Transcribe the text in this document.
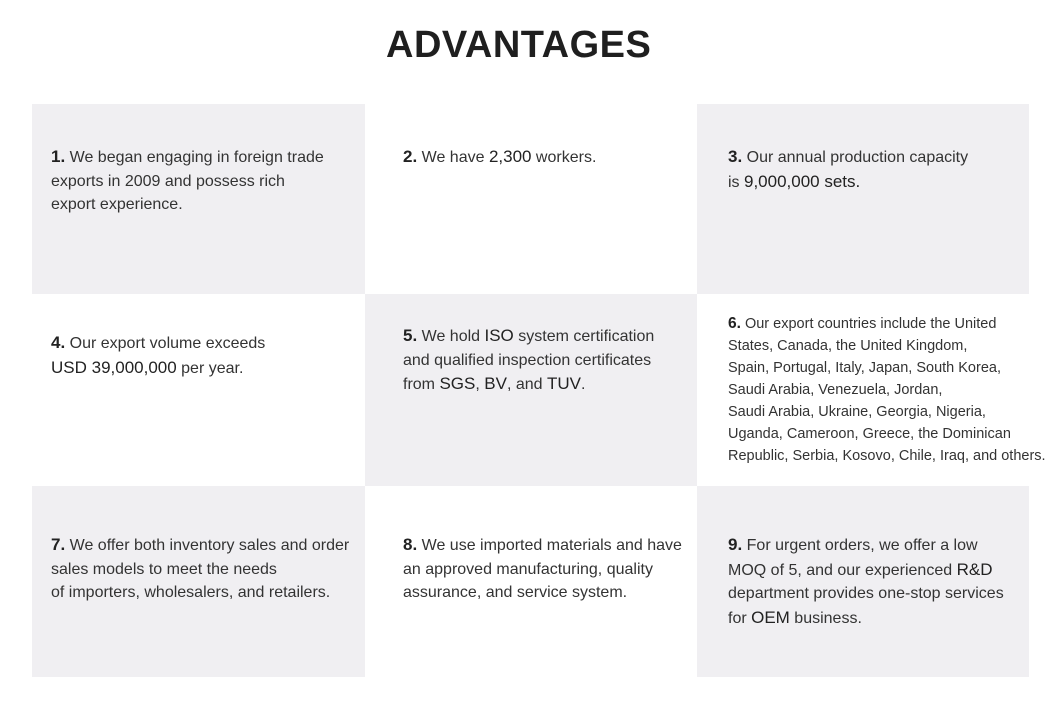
ADVANTAGES

1. We began engaging in foreign trade
exports in 2009 and possess rich
export experience.

2. We have 2,300 workers.	3. Our annual production capacity
is 9,000,000 sets.

4. Our export volume exceeds
USD 39,000,000 per year.

5. We hold ISO system certification
and qualified inspection certificates
from SGS, BV, and TUV.

6. Our export countries include the United
States, Canada, the United Kingdom,
Spain, Portugal, Italy, Japan, South Korea,
Saudi Arabia, Venezuela, Jordan,
Saudi Arabia, Ukraine, Georgia, Nigeria,
Uganda, Cameroon, Greece, the Dominican
Republic, Serbia, Kosovo, Chile, Iraq, and others.

7. We offer both inventory sales and order
sales models to meet the needs
of importers, wholesalers, and retailers.

8. We use imported materials and have
an approved manufacturing, quality
assurance, and service system.

9. For urgent orders, we offer a low
MOQ of 5, and our experienced R&D
department provides one-stop services
for OEM business.
